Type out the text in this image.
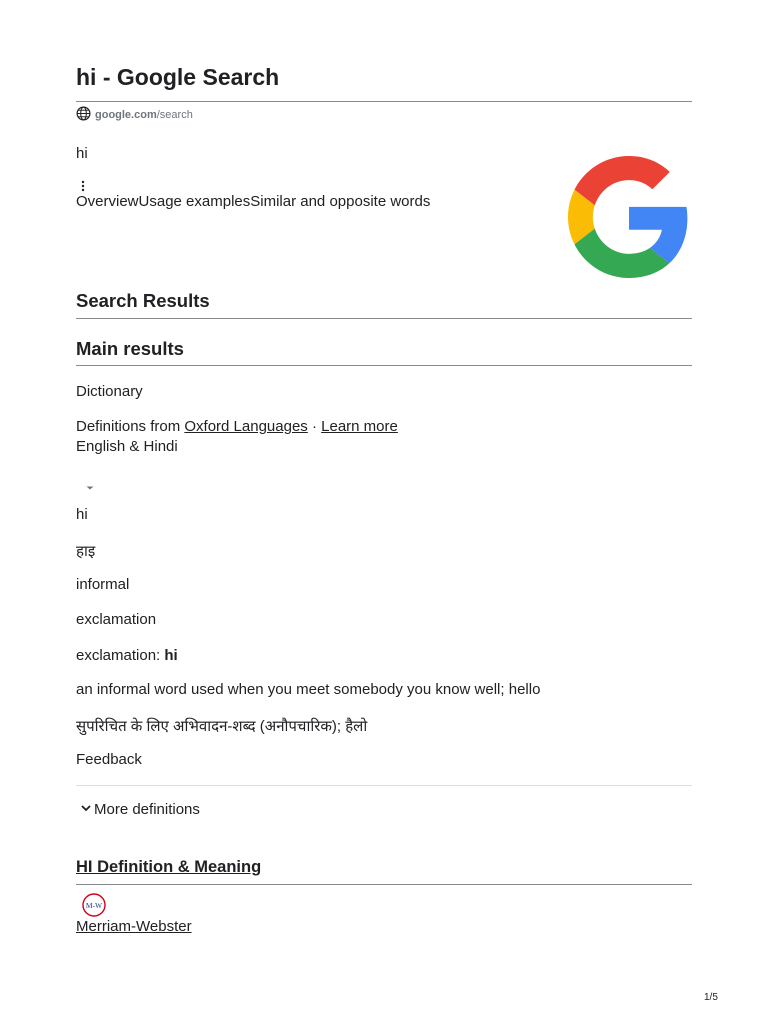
hi - Google Search
google.com/search
hi
OverviewUsage examplesSimilar and opposite words
Search Results
Main results
Dictionary
Definitions from Oxford Languages · Learn more
English & Hindi
hi
हाइ
informal
exclamation
exclamation: hi
an informal word used when you meet somebody you know well; hello
सुपरिचित के लिए अभिवादन-शब्द (अनौपचारिक); हैलो
Feedback
More definitions
HI Definition & Meaning
M-W
Merriam-Webster
1/5
